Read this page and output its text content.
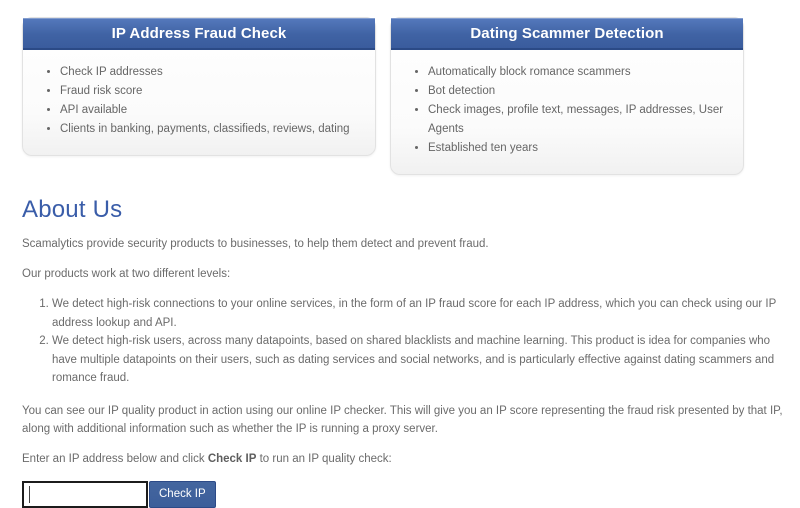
IP Address Fraud Check
• Check IP addresses
• Fraud risk score
• API available
• Clients in banking, payments, classifieds, reviews, dating
Dating Scammer Detection
• Automatically block romance scammers
• Bot detection
• Check images, profile text, messages, IP addresses, User Agents
• Established ten years
About Us

Scamalytics provide security products to businesses, to help them detect and prevent fraud.

Our products work at two different levels:

1. We detect high-risk connections to your online services, in the form of an IP fraud score for each IP address, which you can check using our IP address lookup and API.
2. We detect high-risk users, across many datapoints, based on shared blacklists and machine learning. This product is idea for companies who have multiple datapoints on their users, such as dating services and social networks, and is particularly effective against dating scammers and romance fraud.

You can see our IP quality product in action using our online IP checker. This will give you an IP score representing the fraud risk presented by that IP, along with additional information such as whether the IP is running a proxy server.

Enter an IP address below and click Check IP to run an IP quality check:

Check IP
